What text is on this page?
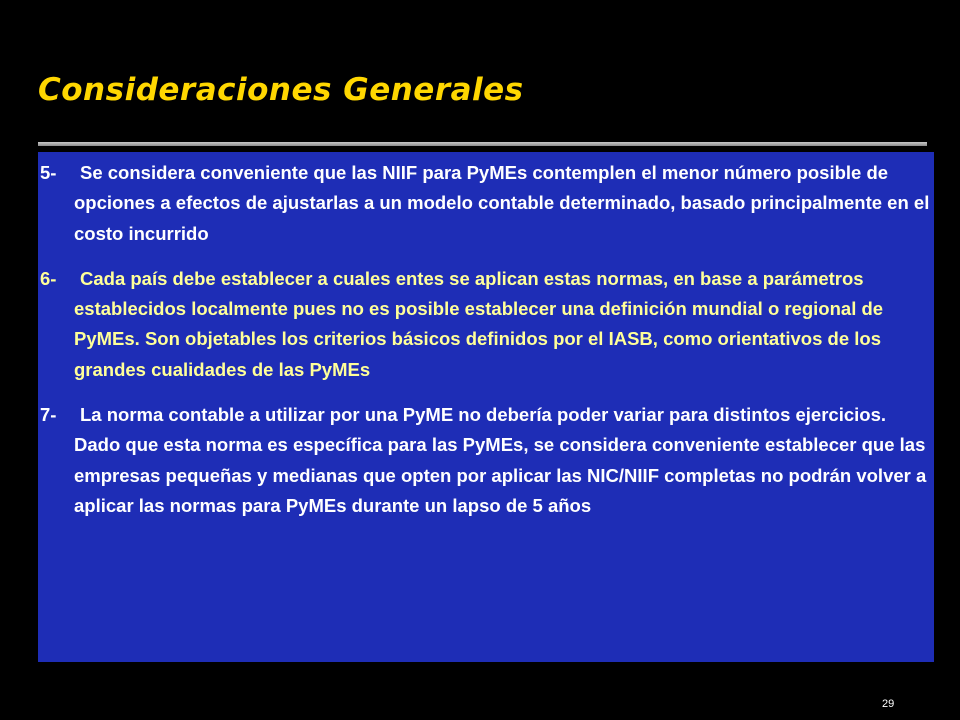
Consideraciones Generales

5- Se considera conveniente que las NIIF para PyMEs contemplen el menor número posible de opciones a efectos de ajustarlas a un modelo contable determinado, basado principalmente en el costo incurrido

6- Cada país debe establecer a cuales entes se aplican estas normas, en base a parámetros establecidos localmente pues no es posible establecer una definición mundial o regional de PyMEs. Son objetables los criterios básicos definidos por el IASB, como orientativos de los grandes cualidades de las PyMEs

7- La norma contable a utilizar por una PyME no debería poder variar para distintos ejercicios. Dado que esta norma es específica para las PyMEs, se considera conveniente establecer que las empresas pequeñas y medianas que opten por aplicar las NIC/NIIF completas no podrán volver a aplicar las normas para PyMEs durante un lapso de 5 años

29
